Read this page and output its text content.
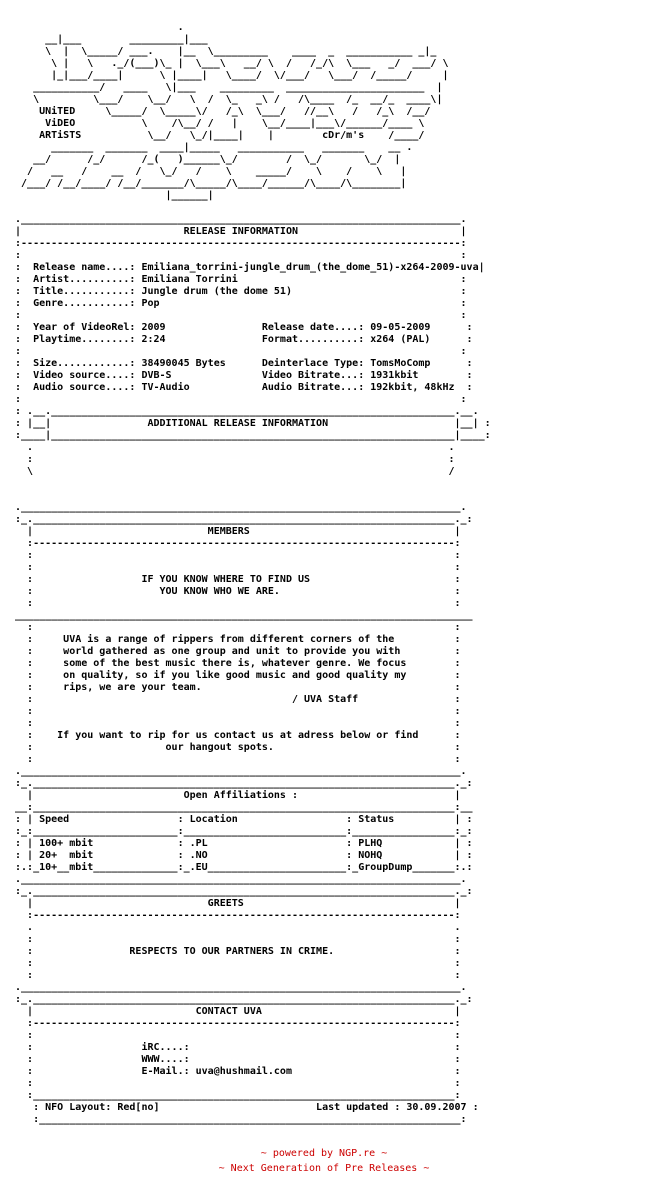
.
__|___        _________|___
\  |  \_____/ ___.    |__  \_________    ____  _  ___________ _|_
\ |   \   ._/(___)\_ |  \___\   __/ \  /   /_/\  \___   _/  ___/ \
|_|___/____|      \ |____|   \____/  \/___/   \___/  /_____/     |
___________/   ____   \|___    _________  _______________________  |
\         \___/    \__/   \  /  \_   _\ /   /\____  /_  __/_  ____\|
UNiTED     \_____/  \_____\/   /_\  \___/   //__\   /   /_\  /__/
ViDEO           \    /\__/ /   |    \__/____|___\/______/____ \
ARTiSTS           \__/   \_/|____|    |        cDr/m's    /____/
_______  _______  ____|_____   ___________   _______    __ .
__/      /_/      /_(   )______\_/        /  \_/       \_/  |
/   __   /    __  /   \_/   /    \    _____/    \    /    \   |
/___/ /__/____/ /__/_______/\_____/\____/______/\____/\________|
|______|

._________________________________________________________________________.
|                           RELEASE INFORMATION                           |
:-------------------------------------------------------------------------:
:                                                                         :
:  Release name....: Emiliana_torrini-jungle_drum_(the_dome_51)-x264-2009-uva|
:  Artist..........: Emiliana Torrini                                     :
:  Title...........: Jungle drum (the dome 51)                            :
:  Genre...........: Pop                                                  :
:                                                                         :
:  Year of VideoRel: 2009                Release date....: 09-05-2009      :
:  Playtime........: 2:24                Format..........: x264 (PAL)      :
:                                                                         :
:  Size............: 38490045 Bytes      Deinterlace Type: TomsMoComp      :
:  Video source....: DVB-S               Video Bitrate...: 1931kbit        :
:  Audio source....: TV-Audio            Audio Bitrate...: 192kbit, 48kHz  :
:                                                                         :
: .__.___________________________________________________________________.__.
: |__|                ADDITIONAL RELEASE INFORMATION                     |__| :
:____|___________________________________________________________________|____:
.                                                                     .
:                                                                     :
\                                                                     /

._________________________________________________________________________.
:_.______________________________________________________________________._:
|                             MEMBERS                                  |
:----------------------------------------------------------------------:
:                                                                      :
:                                                                      :
:                  IF YOU KNOW WHERE TO FIND US                        :
:                     YOU KNOW WHO WE ARE.                             :
:                                                                      :
____________________________________________________________________________
:                                                                      :
:     UVA is a range of rippers from different corners of the          :
:     world gathered as one group and unit to provide you with         :
:     some of the best music there is, whatever genre. We focus        :
:     on quality, so if you like good music and good quality my        :
:     rips, we are your team.                                          :
:                                           / UVA Staff                :
:                                                                      :
:                                                                      :
:    If you want to rip for us contact us at adress below or find      :
:                      our hangout spots.                              :
:                                                                      :
._________________________________________________________________________.
:_.______________________________________________________________________._:
|                         Open Affiliations :                          |
__:______________________________________________________________________:__
: | Speed                  : Location                  : Status          | :
:_:________________________:___________________________:_________________:_:
: | 100+ mbit              : .PL                       : PLHQ            | :
: | 20+  mbit              : .NO                       : NOHQ            | :
:.:_10+__mbit______________:_.EU_______________________:_GroupDump_______:.:
._________________________________________________________________________.
:_.______________________________________________________________________._:
|                             GREETS                                   |
:----------------------------------------------------------------------:
.                                                                      .
:                                                                      :
:                RESPECTS TO OUR PARTNERS IN CRIME.                    :
:                                                                      :
:                                                                      :
._________________________________________________________________________.
:_.______________________________________________________________________._:
|                           CONTACT UVA                                |
:----------------------------------------------------------------------:
:                                                                      :
:                  iRC....:                                            :
:                  WWW....:                                            :
:                  E-Mail.: uva@hushmail.com                           :
:                                                                      :
:______________________________________________________________________:
: NFO Layout: Red[no]                          Last updated : 30.09.2007 :
:______________________________________________________________________:
~ powered by NGP.re ~
~ Next Generation of Pre Releases ~
